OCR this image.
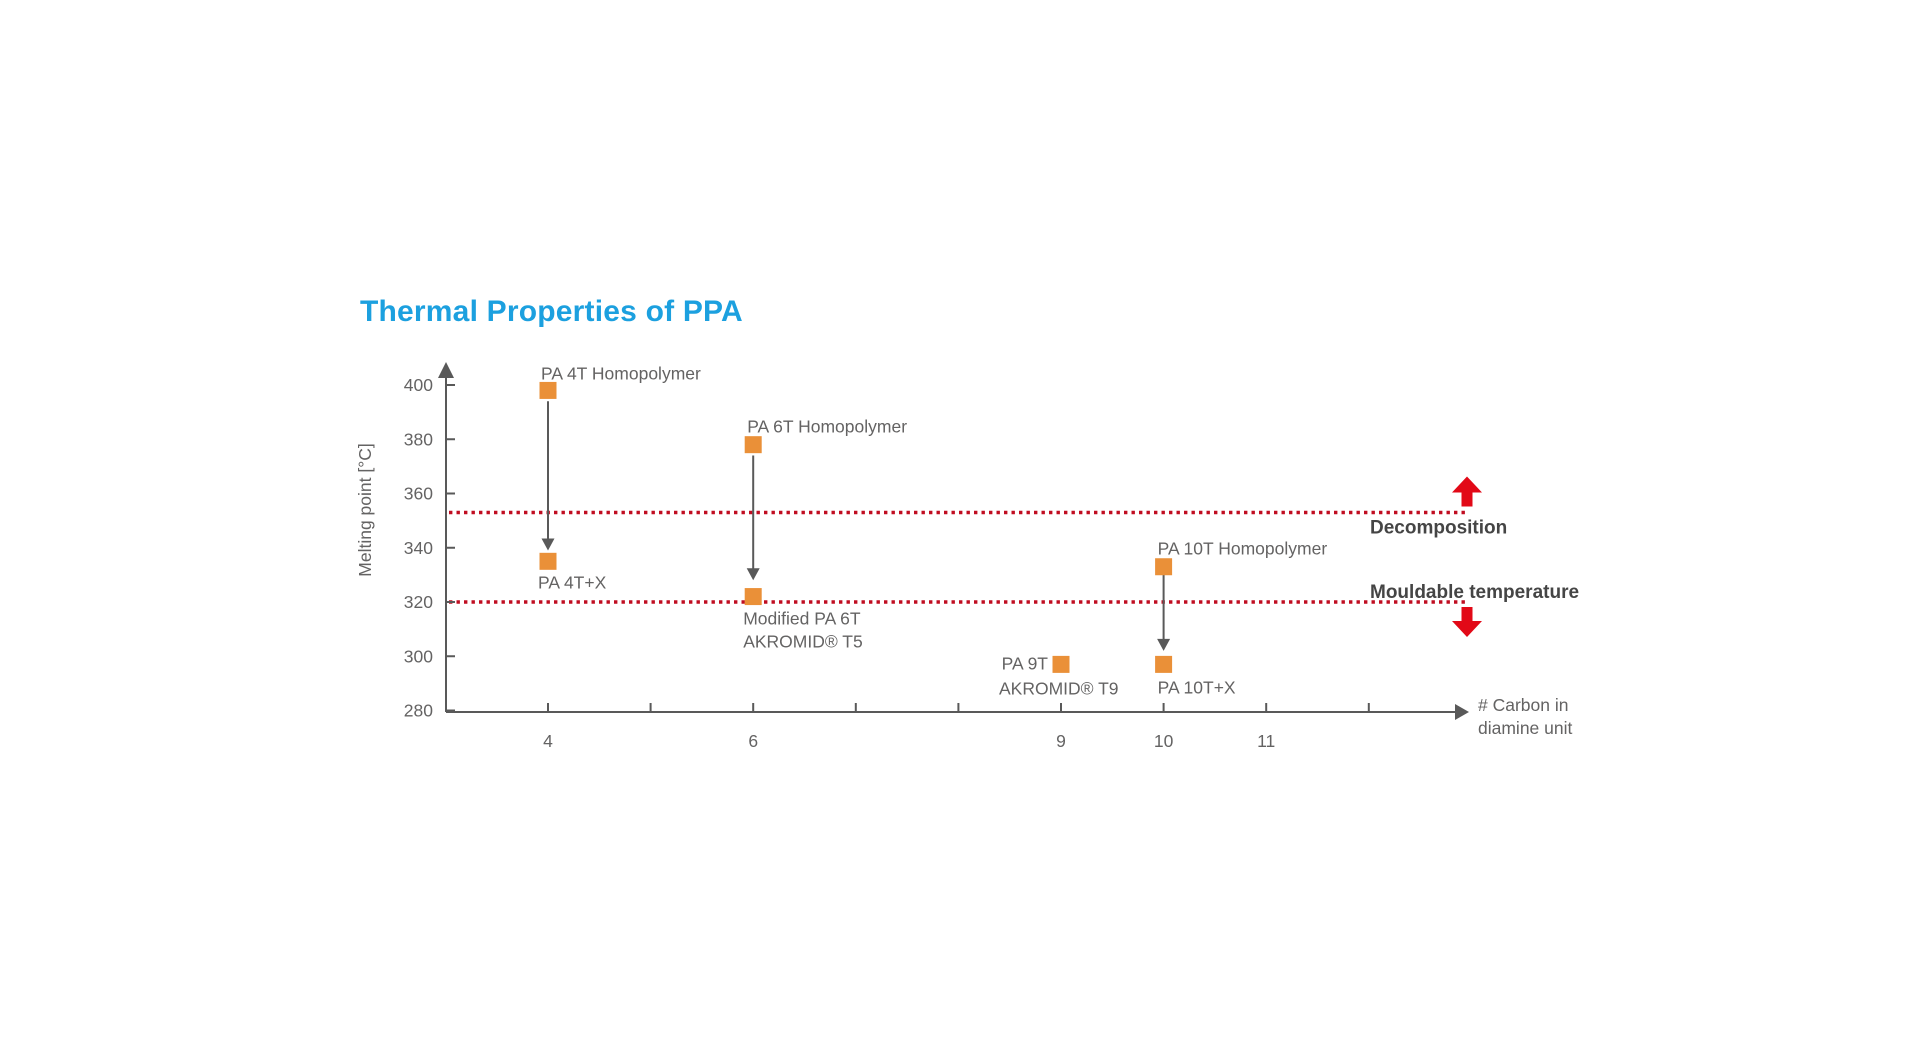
Thermal Properties of PPA
Decomposition
Mouldable temperature
280
300
320
340
360
380
400
4	6	9	10	11
PA 4T Homopolymer
PA 4T+X
PA 6T Homopolymer
Modified PA 6T
AKROMID® T5
PA 9T
AKROMID® T9
PA 10T Homopolymer
PA 10T+X
Melting point [°C]
# Carbon in
diamine unit
